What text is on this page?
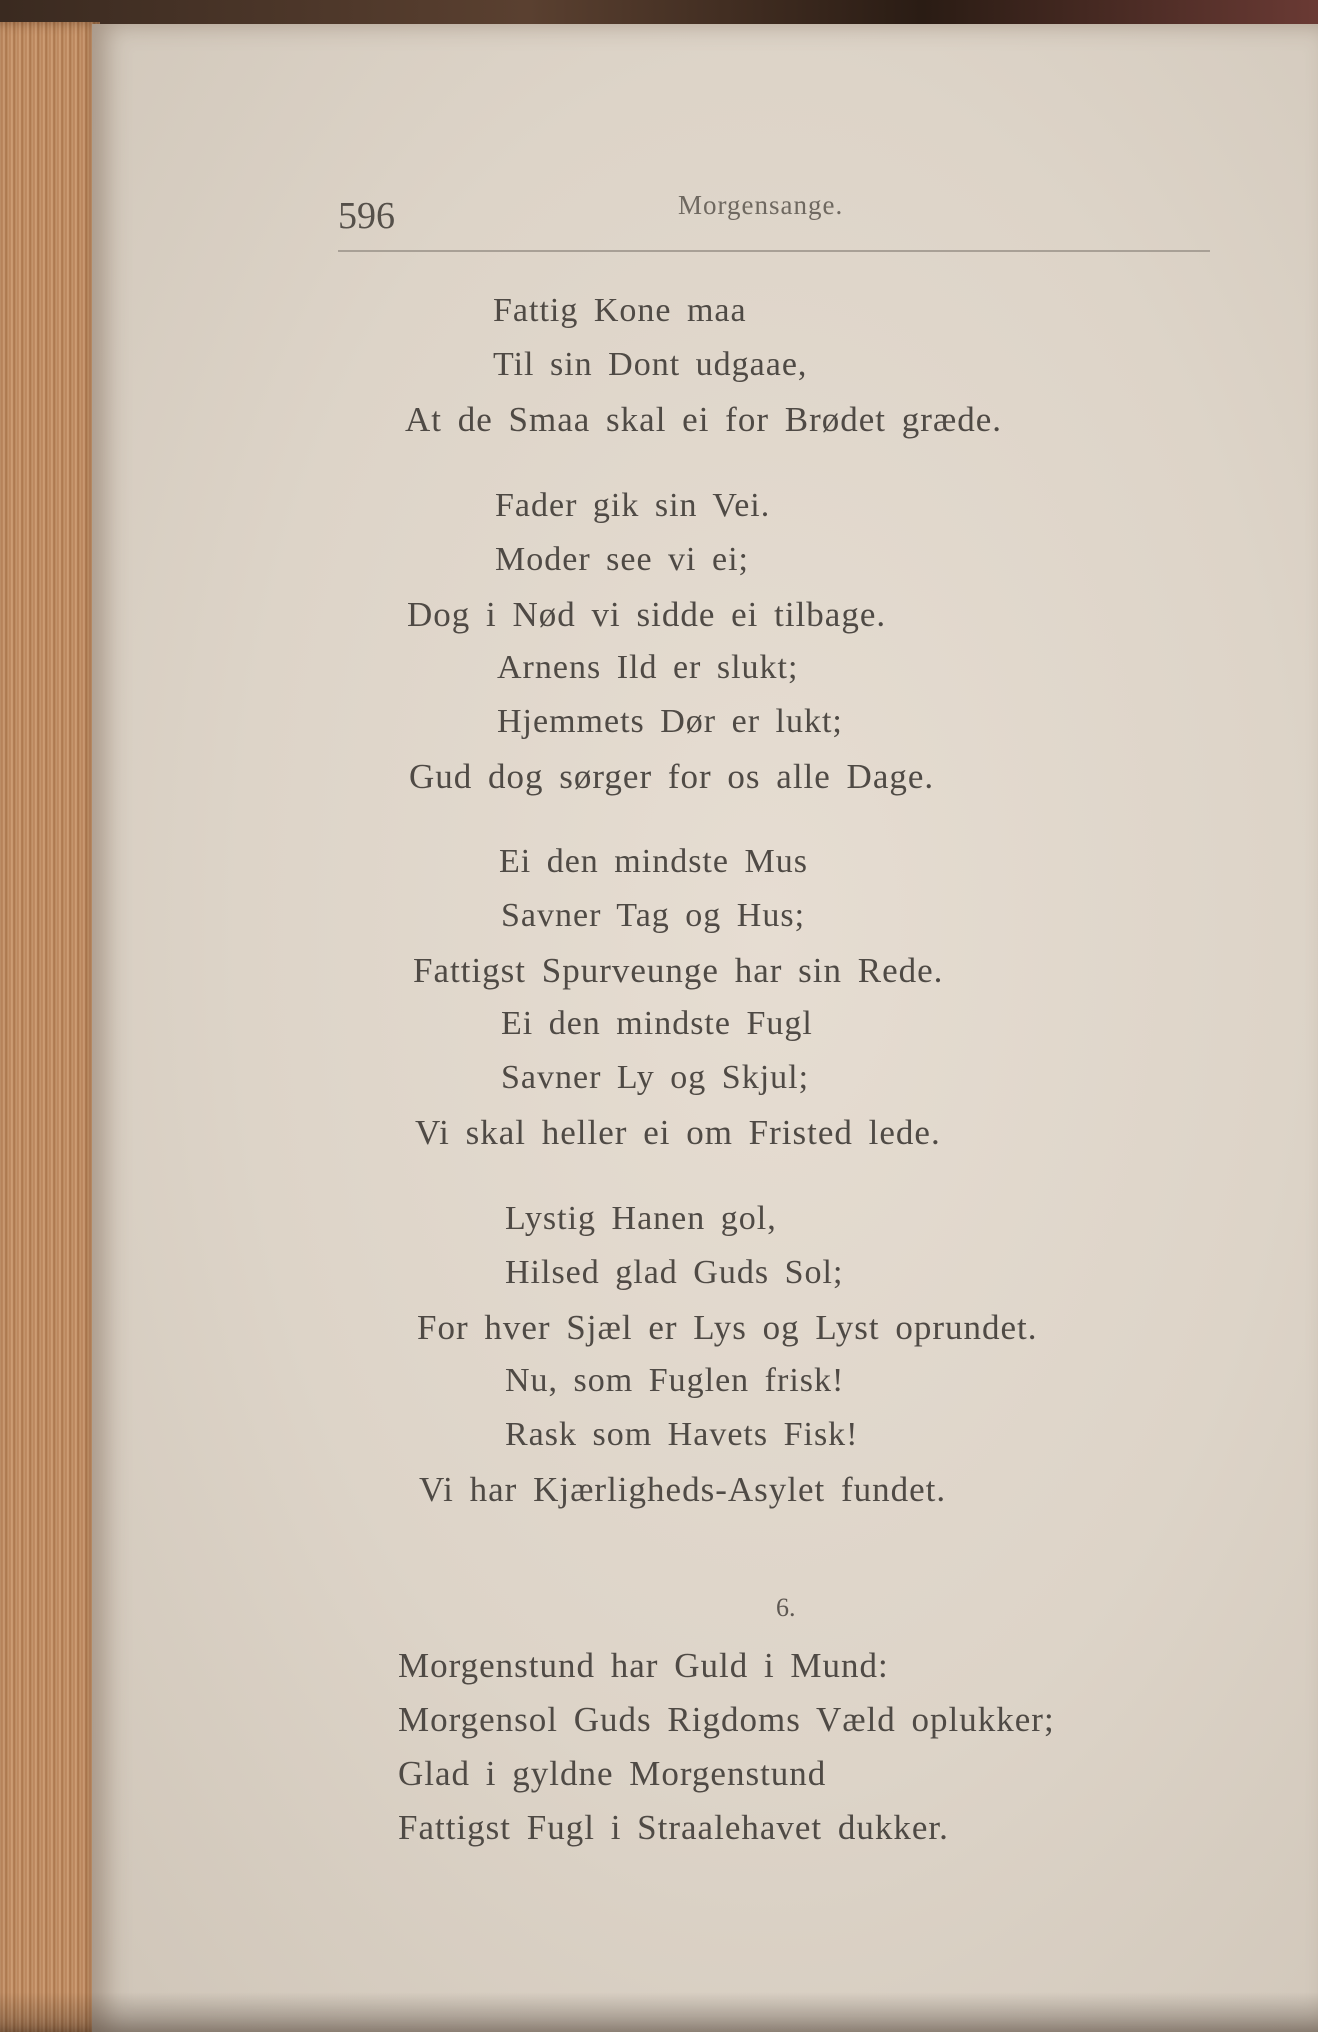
596	Morgensange.
Fattig Kone maa
Til sin Dont udgaae,
At de Smaa skal ei for Brødet græde.
Fader gik sin Vei.
Moder see vi ei;
Dog i Nød vi sidde ei tilbage.
Arnens Ild er slukt;
Hjemmets Dør er lukt;
Gud dog sørger for os alle Dage.
Ei den mindste Mus
Savner Tag og Hus;
Fattigst Spurveunge har sin Rede.
Ei den mindste Fugl
Savner Ly og Skjul;
Vi skal heller ei om Fristed lede.
Lystig Hanen gol,
Hilsed glad Guds Sol;
For hver Sjæl er Lys og Lyst oprundet.
Nu, som Fuglen frisk!
Rask som Havets Fisk!
Vi har Kjærligheds-Asylet fundet.
6.
Morgenstund har Guld i Mund:
Morgensol Guds Rigdoms Væld oplukker;
Glad i gyldne Morgenstund
Fattigst Fugl i Straalehavet dukker.
